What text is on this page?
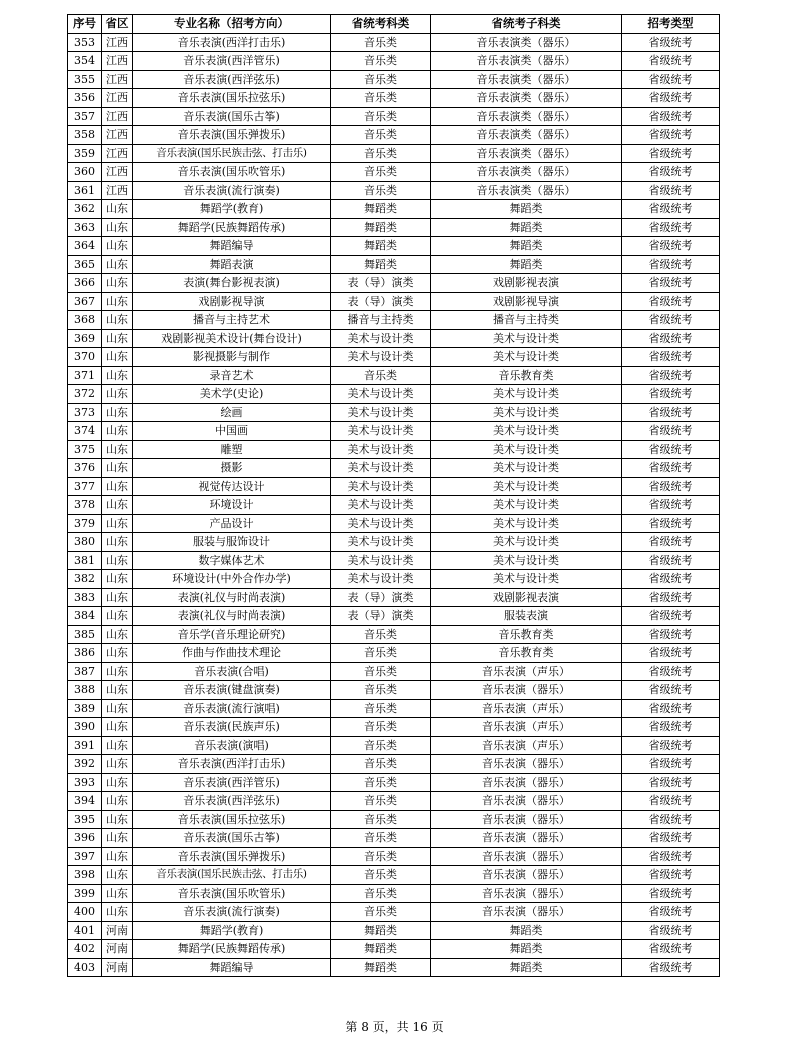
序号	省区	专业名称（招考方向）	省统考科类	省统考子科类	招考类型
353	江西	音乐表演(西洋打击乐)	音乐类	音乐表演类（器乐）	省级统考
354	江西	音乐表演(西洋管乐)	音乐类	音乐表演类（器乐）	省级统考
355	江西	音乐表演(西洋弦乐)	音乐类	音乐表演类（器乐）	省级统考
356	江西	音乐表演(国乐拉弦乐)	音乐类	音乐表演类（器乐）	省级统考
357	江西	音乐表演(国乐古筝)	音乐类	音乐表演类（器乐）	省级统考
358	江西	音乐表演(国乐弹拨乐)	音乐类	音乐表演类（器乐）	省级统考
359	江西	音乐表演(国乐民族击弦、打击乐)	音乐类	音乐表演类（器乐）	省级统考
360	江西	音乐表演(国乐吹管乐)	音乐类	音乐表演类（器乐）	省级统考
361	江西	音乐表演(流行演奏)	音乐类	音乐表演类（器乐）	省级统考
362	山东	舞蹈学(教育)	舞蹈类	舞蹈类	省级统考
363	山东	舞蹈学(民族舞蹈传承)	舞蹈类	舞蹈类	省级统考
364	山东	舞蹈编导	舞蹈类	舞蹈类	省级统考
365	山东	舞蹈表演	舞蹈类	舞蹈类	省级统考
366	山东	表演(舞台影视表演)	表（导）演类	戏剧影视表演	省级统考
367	山东	戏剧影视导演	表（导）演类	戏剧影视导演	省级统考
368	山东	播音与主持艺术	播音与主持类	播音与主持类	省级统考
369	山东	戏剧影视美术设计(舞台设计)	美术与设计类	美术与设计类	省级统考
370	山东	影视摄影与制作	美术与设计类	美术与设计类	省级统考
371	山东	录音艺术	音乐类	音乐教育类	省级统考
372	山东	美术学(史论)	美术与设计类	美术与设计类	省级统考
373	山东	绘画	美术与设计类	美术与设计类	省级统考
374	山东	中国画	美术与设计类	美术与设计类	省级统考
375	山东	雕塑	美术与设计类	美术与设计类	省级统考
376	山东	摄影	美术与设计类	美术与设计类	省级统考
377	山东	视觉传达设计	美术与设计类	美术与设计类	省级统考
378	山东	环境设计	美术与设计类	美术与设计类	省级统考
379	山东	产品设计	美术与设计类	美术与设计类	省级统考
380	山东	服装与服饰设计	美术与设计类	美术与设计类	省级统考
381	山东	数字媒体艺术	美术与设计类	美术与设计类	省级统考
382	山东	环境设计(中外合作办学)	美术与设计类	美术与设计类	省级统考
383	山东	表演(礼仪与时尚表演)	表（导）演类	戏剧影视表演	省级统考
384	山东	表演(礼仪与时尚表演)	表（导）演类	服装表演	省级统考
385	山东	音乐学(音乐理论研究)	音乐类	音乐教育类	省级统考
386	山东	作曲与作曲技术理论	音乐类	音乐教育类	省级统考
387	山东	音乐表演(合唱)	音乐类	音乐表演（声乐）	省级统考
388	山东	音乐表演(键盘演奏)	音乐类	音乐表演（器乐）	省级统考
389	山东	音乐表演(流行演唱)	音乐类	音乐表演（声乐）	省级统考
390	山东	音乐表演(民族声乐)	音乐类	音乐表演（声乐）	省级统考
391	山东	音乐表演(演唱)	音乐类	音乐表演（声乐）	省级统考
392	山东	音乐表演(西洋打击乐)	音乐类	音乐表演（器乐）	省级统考
393	山东	音乐表演(西洋管乐)	音乐类	音乐表演（器乐）	省级统考
394	山东	音乐表演(西洋弦乐)	音乐类	音乐表演（器乐）	省级统考
395	山东	音乐表演(国乐拉弦乐)	音乐类	音乐表演（器乐）	省级统考
396	山东	音乐表演(国乐古筝)	音乐类	音乐表演（器乐）	省级统考
397	山东	音乐表演(国乐弹拨乐)	音乐类	音乐表演（器乐）	省级统考
398	山东	音乐表演(国乐民族击弦、打击乐)	音乐类	音乐表演（器乐）	省级统考
399	山东	音乐表演(国乐吹管乐)	音乐类	音乐表演（器乐）	省级统考
400	山东	音乐表演(流行演奏)	音乐类	音乐表演（器乐）	省级统考
401	河南	舞蹈学(教育)	舞蹈类	舞蹈类	省级统考
402	河南	舞蹈学(民族舞蹈传承)	舞蹈类	舞蹈类	省级统考
403	河南	舞蹈编导	舞蹈类	舞蹈类	省级统考
第 8 页，共 16 页
